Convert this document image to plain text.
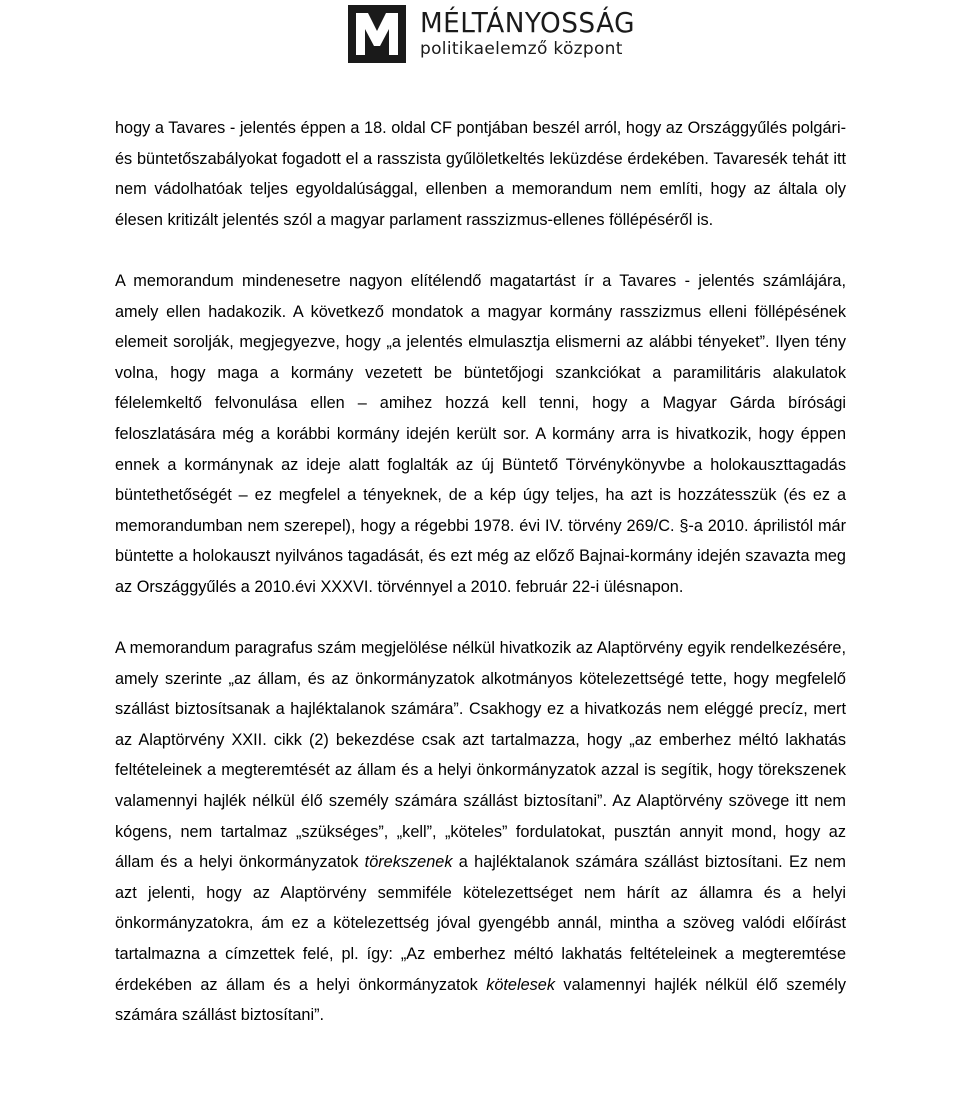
MÉLTÁNYOSSÁG
politikaelemző központ

hogy a Tavares - jelentés éppen a 18. oldal CF pontjában beszél arról, hogy az Országgyűlés polgári-és büntetőszabályokat fogadott el a rasszista gyűlöletkeltés leküzdése érdekében. Tavaresék tehát itt nem vádolhatóak teljes egyoldalúsággal, ellenben a memorandum nem említi, hogy az általa oly élesen kritizált jelentés szól a magyar parlament rasszizmus-ellenes föllépéséről is.

A memorandum mindenesetre nagyon elítélendő magatartást ír a Tavares - jelentés számlájára, amely ellen hadakozik. A következő mondatok a magyar kormány rasszizmus elleni föllépésének elemeit sorolják, megjegyezve, hogy „a jelentés elmulasztja elismerni az alábbi tényeket”. Ilyen tény volna, hogy maga a kormány vezetett be büntetőjogi szankciókat a paramilitáris alakulatok félelemkeltő felvonulása ellen – amihez hozzá kell tenni, hogy a Magyar Gárda bírósági feloszlatására még a korábbi kormány idején került sor. A kormány arra is hivatkozik, hogy éppen ennek a kormánynak az ideje alatt foglalták az új Büntető Törvénykönyvbe a holokauszttagadás büntethetőségét – ez megfelel a tényeknek, de a kép úgy teljes, ha azt is hozzátesszük (és ez a memorandumban nem szerepel), hogy a régebbi 1978. évi IV. törvény 269/C. §-a 2010. áprilistól már büntette a holokauszt nyilvános tagadását, és ezt még az előző Bajnai-kormány idején szavazta meg az Országgyűlés a 2010.évi XXXVI. törvénnyel a 2010. február 22-i ülésnapon.

A memorandum paragrafus szám megjelölése nélkül hivatkozik az Alaptörvény egyik rendelkezésére, amely szerinte „az állam, és az önkormányzatok alkotmányos kötelezettségé tette, hogy megfelelő szállást biztosítsanak a hajléktalanok számára”. Csakhogy ez a hivatkozás nem eléggé precíz, mert az Alaptörvény XXII. cikk (2) bekezdése csak azt tartalmazza, hogy „az emberhez méltó lakhatás feltételeinek a megteremtését az állam és a helyi önkormányzatok azzal is segítik, hogy törekszenek valamennyi hajlék nélkül élő személy számára szállást biztosítani”. Az Alaptörvény szövege itt nem kógens, nem tartalmaz „szükséges”, „kell”, „köteles” fordulatokat, pusztán annyit mond, hogy az állam és a helyi önkormányzatok törekszenek a hajléktalanok számára szállást biztosítani. Ez nem azt jelenti, hogy az Alaptörvény semmiféle kötelezettséget nem hárít az államra és a helyi önkormányzatokra, ám ez a kötelezettség jóval gyengébb annál, mintha a szöveg valódi előírást tartalmazna a címzettek felé, pl. így: „Az emberhez méltó lakhatás feltételeinek a megteremtése érdekében az állam és a helyi önkormányzatok kötelesek valamennyi hajlék nélkül élő személy számára szállást biztosítani”.
